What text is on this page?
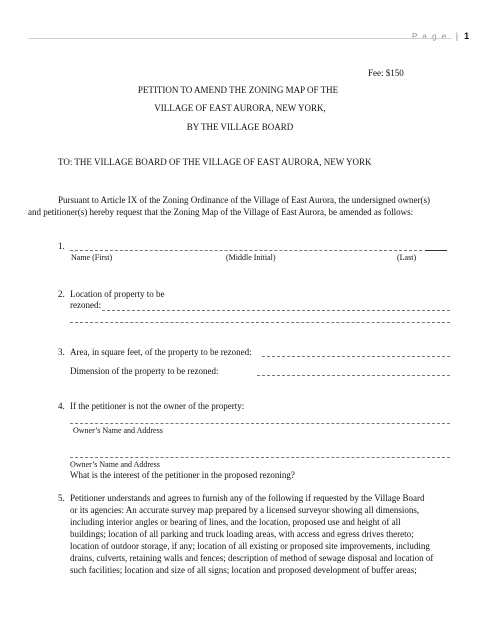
P a g e | 1
Fee: $150
PETITION TO AMEND THE ZONING MAP OF THE
VILLAGE OF EAST AURORA, NEW YORK,
BY THE VILLAGE BOARD
TO: THE VILLAGE BOARD OF THE VILLAGE OF EAST AURORA, NEW YORK
Pursuant to Article IX of the Zoning Ordinance of the Village of East Aurora, the undersigned owner(s)
and petitioner(s) hereby request that the Zoning Map of the Village of East Aurora, be amended as follows:
1.
Name (First)	(Middle Initial)	(Last)
2. Location of property to be
rezoned:
3. Area, in square feet, of the property to be rezoned:
Dimension of the property to be rezoned:
4. If the petitioner is not the owner of the property:
Owner’s Name and Address
Owner’s Name and Address
What is the interest of the petitioner in the proposed rezoning?
5. Petitioner understands and agrees to furnish any of the following if requested by the Village Board
or its agencies: An accurate survey map prepared by a licensed surveyor showing all dimensions,
including interior angles or bearing of lines, and the location, proposed use and height of all
buildings; location of all parking and truck loading areas, with access and egress drives thereto;
location of outdoor storage, if any; location of all existing or proposed site improvements, including
drains, culverts, retaining walls and fences; description of method of sewage disposal and location of
such facilities; location and size of all signs; location and proposed development of buffer areas;
